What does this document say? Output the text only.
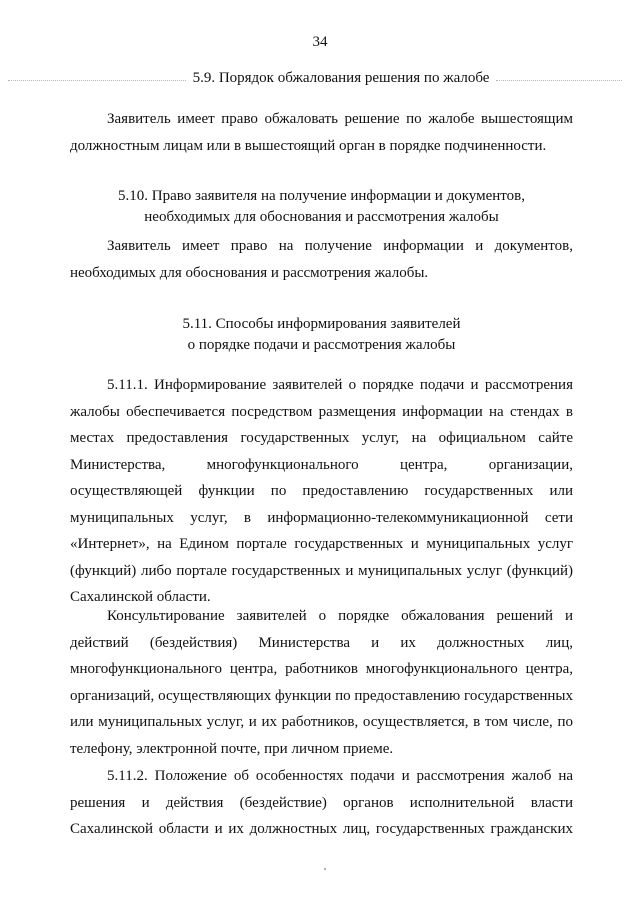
34
5.9. Порядок обжалования решения по жалобе
Заявитель имеет право обжаловать решение по жалобе вышестоящим
должностным лицам или в вышестоящий орган в порядке подчиненности.
5.10. Право заявителя на получение информации и документов,
необходимых для обоснования и рассмотрения жалобы
Заявитель имеет право на получение информации и документов,
необходимых для обоснования и рассмотрения жалобы.
5.11. Способы информирования заявителей
о порядке подачи и рассмотрения жалобы
5.11.1. Информирование заявителей о порядке подачи и рассмотрения
жалобы обеспечивается посредством размещения информации на стендах в
местах предоставления государственных услуг, на официальном сайте
Министерства, многофункционального центра, организации,
осуществляющей функции по предоставлению государственных или
муниципальных услуг, в информационно-телекоммуникационной сети
«Интернет», на Едином портале государственных и муниципальных услуг
(функций) либо портале государственных и муниципальных услуг (функций)
Сахалинской области.
Консультирование заявителей о порядке обжалования решений и
действий (бездействия) Министерства и их должностных лиц,
многофункционального центра, работников многофункционального центра,
организаций, осуществляющих функции по предоставлению государственных
или муниципальных услуг, и их работников, осуществляется, в том числе, по
телефону, электронной почте, при личном приеме.
5.11.2. Положение об особенностях подачи и рассмотрения жалоб на
решения и действия (бездействие) органов исполнительной власти
Сахалинской области и их должностных лиц, государственных гражданских
